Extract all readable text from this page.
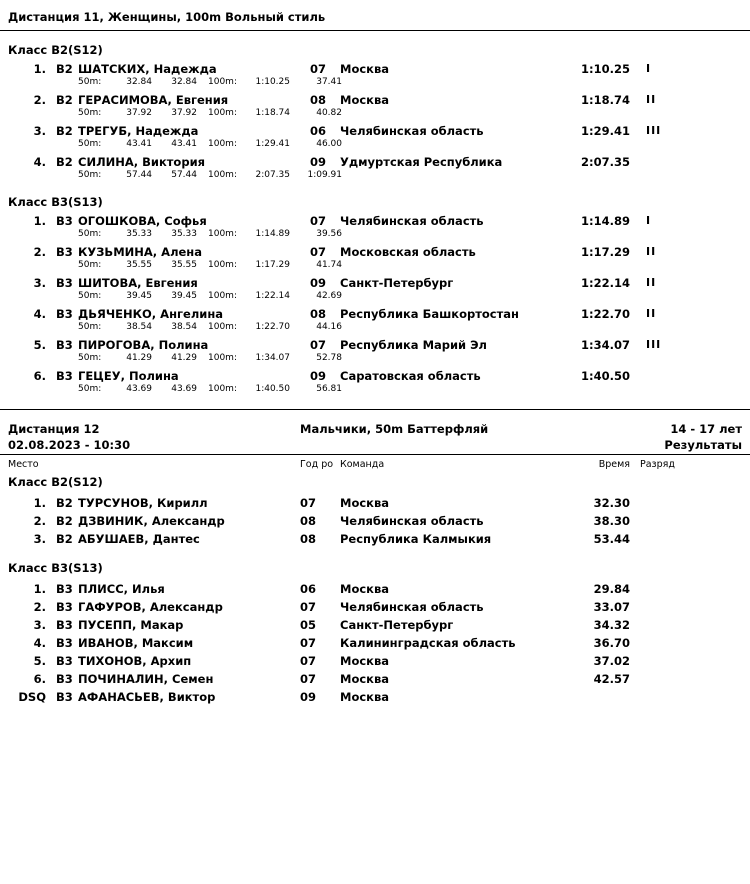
Дистанция 11, Женщины, 100m Вольный стиль
Класс B2(S12)
1. B2 ШАТСКИХ, Надежда	07 Москва	1:10.25 I
50m:	32.84	32.84 100m:	1:10.25	37.41
2. B2 ГЕРАСИМОВА, Евгения	08 Москва	1:18.74 II
50m:	37.92	37.92 100m:	1:18.74	40.82
3. B2 ТРЕГУБ, Надежда	06 Челябинская область	1:29.41 III
50m:	43.41	43.41 100m:	1:29.41	46.00
4. B2 СИЛИНА, Виктория	09 Удмуртская Республика	2:07.35
50m:	57.44	57.44 100m:	2:07.35	1:09.91
Класс B3(S13)
1. B3 ОГОШКОВА, Софья	07 Челябинская область	1:14.89 I
50m:	35.33	35.33 100m:	1:14.89	39.56
2. B3 КУЗЬМИНА, Алена	07 Московская область	1:17.29 II
50m:	35.55	35.55 100m:	1:17.29	41.74
3. B3 ШИТОВА, Евгения	09 Санкт-Петербург	1:22.14 II
50m:	39.45	39.45 100m:	1:22.14	42.69
4. B3 ДЬЯЧЕНКО, Ангелина	08 Республика Башкортостан	1:22.70 II
50m:	38.54	38.54 100m:	1:22.70	44.16
5. B3 ПИРОГОВА, Полина	07 Республика Марий Эл	1:34.07 III
50m:	41.29	41.29 100m:	1:34.07	52.78
6. B3 ГЕЦЕУ, Полина	09 Саратовская область	1:40.50
50m:	43.69	43.69 100m:	1:40.50	56.81
Дистанция 12	Мальчики, 50m Баттерфляй	14 - 17 лет
02.08.2023 - 10:30	Результаты
Место	Год ро Команда	Время Разряд
Класс B2(S12)
1. B2 ТУРСУНОВ, Кирилл	07	Москва	32.30
2. B2 ДЗВИНИК, Александр	08	Челябинская область	38.30
3. B2 АБУШАЕВ, Дантес	08	Республика Калмыкия	53.44
Класс B3(S13)
1. B3 ПЛИСС, Илья	06	Москва	29.84
2. B3 ГАФУРОВ, Александр	07	Челябинская область	33.07
3. B3 ПУСЕПП, Макар	05	Санкт-Петербург	34.32
4. B3 ИВАНОВ, Максим	07	Калининградская область	36.70
5. B3 ТИХОНОВ, Архип	07	Москва	37.02
6. B3 ПОЧИНАЛИН, Семен	07	Москва	42.57
DSQ B3 АФАНАСЬЕВ, Виктор	09	Москва
